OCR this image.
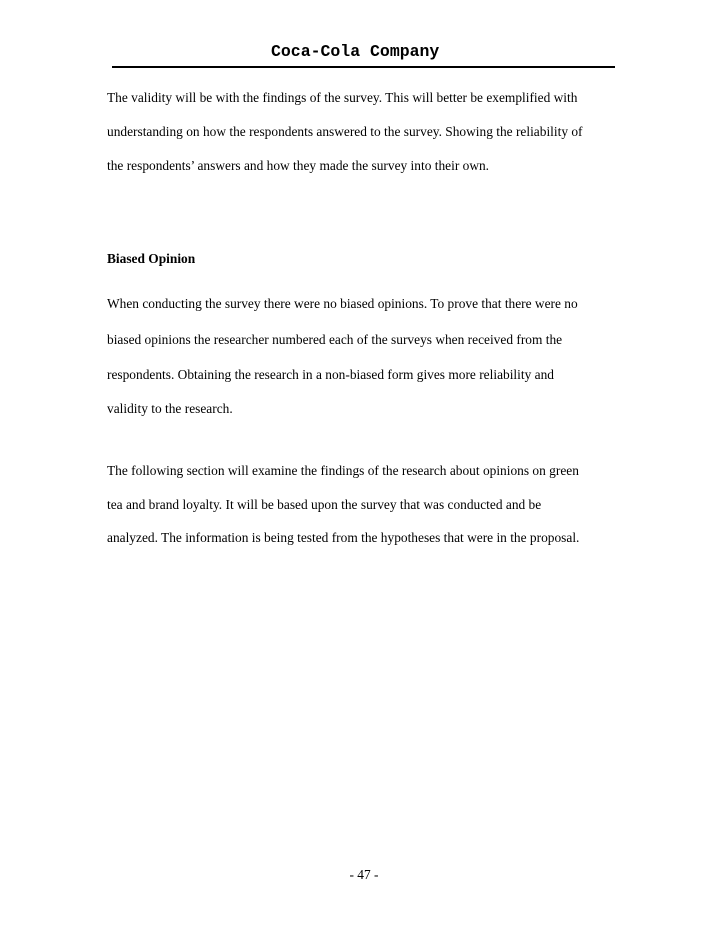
Coca-Cola Company
The validity will be with the findings of the survey. This will better be exemplified with
understanding on how the respondents answered to the survey. Showing the reliability of
the respondents’ answers and how they made the survey into their own.
Biased Opinion
When conducting the survey there were no biased opinions. To prove that there were no
biased opinions the researcher numbered each of the surveys when received from the
respondents. Obtaining the research in a non-biased form gives more reliability and
validity to the research.
The following section will examine the findings of the research about opinions on green
tea and brand loyalty. It will be based upon the survey that was conducted and be
analyzed. The information is being tested from the hypotheses that were in the proposal.
- 47 -
